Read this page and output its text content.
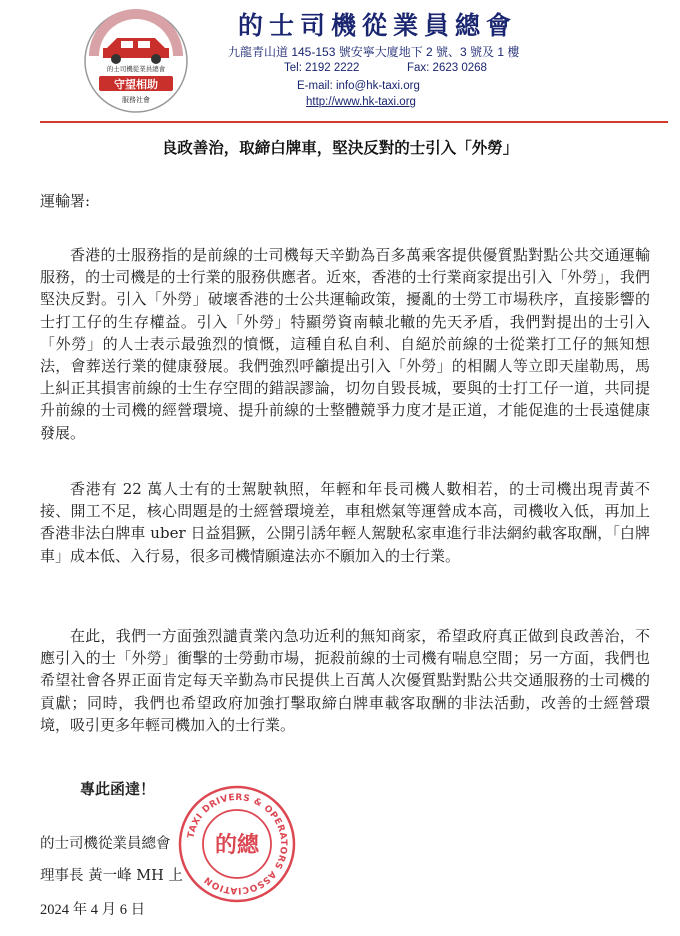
的士司機從業員總會
守望相助
服務社會
的士司機從業員總會
九龍青山道 145-153 號安寧大廈地下 2 號、3 號及 1 樓
Tel: 2192 2222	Fax: 2623 0268
E-mail: info@hk-taxi.org
http://www.hk-taxi.org
良政善治，取締白牌車，堅決反對的士引入「外勞」
運輸署:
香港的士服務指的是前線的士司機每天辛勤為百多萬乘客提供優質點對點公共交通運輸服務，的士司機是的士行業的服務供應者。近來，香港的士行業商家提出引入「外勞」，我們堅決反對。引入「外勞」破壞香港的士公共運輸政策，擾亂的士勞工市場秩序，直接影響的士打工仔的生存權益。引入「外勞」特顯勞資南轅北轍的先天矛盾，我們對提出的士引入「外勞」的人士表示最強烈的憤慨，這種自私自利、自絕於前線的士從業打工仔的無知想法，會葬送行業的健康發展。我們強烈呼籲提出引入「外勞」的相關人等立即天崖勒馬，馬上糾正其損害前線的士生存空間的錯誤謬論，切勿自毀長城，要與的士打工仔一道，共同提升前線的士司機的經營環境、提升前線的士整體競爭力度才是正道，才能促進的士長遠健康發展。
香港有 22 萬人士有的士駕駛執照，年輕和年長司機人數相若，的士司機出現青黃不接、開工不足，核心問題是的士經營環境差，車租燃氣等運營成本高，司機收入低，再加上香港非法白牌車 uber 日益猖獗，公開引誘年輕人駕駛私家車進行非法網約載客取酬，「白牌車」成本低、入行易，很多司機情願違法亦不願加入的士行業。
在此，我們一方面強烈譴責業內急功近利的無知商家，希望政府真正做到良政善治，不應引入的士「外勞」衝擊的士勞動市場，扼殺前線的士司機有喘息空間；另一方面，我們也希望社會各界正面肯定每天辛勤為市民提供上百萬人次優質點對點公共交通服務的士司機的貢獻；同時，我們也希望政府加強打擊取締白牌車載客取酬的非法活動，改善的士經營環境，吸引更多年輕司機加入的士行業。
專此函達！
的士司機從業員總會
理事長 黃一峰 MH 上
2024 年 4 月 6 日
TAXI DRIVERS & OPERATORS ASSOCIATION
的總
